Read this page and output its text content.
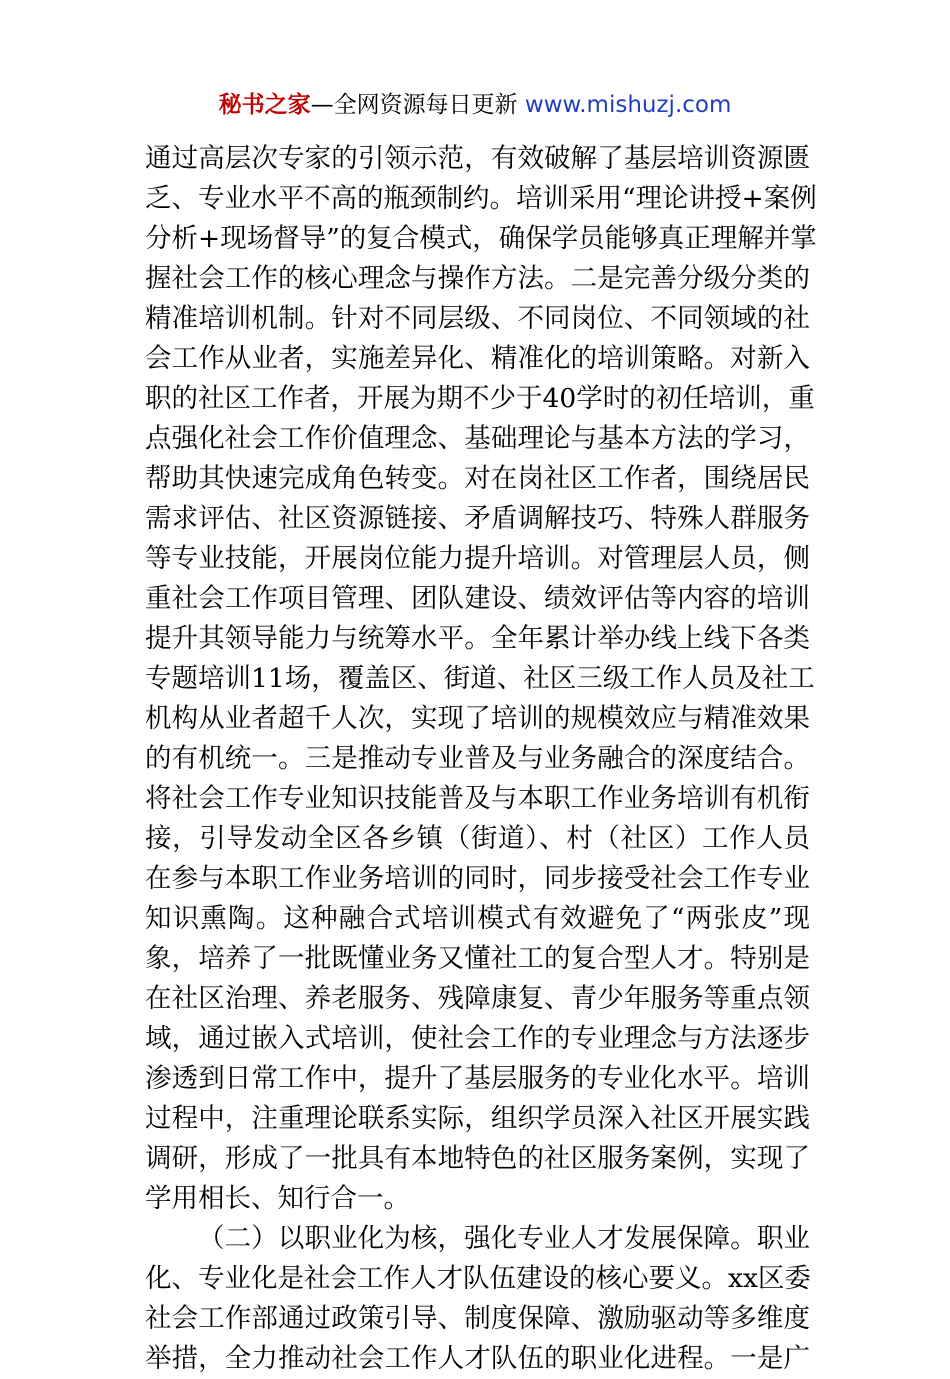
秘书之家—全网资源每日更新 www.mishuzj.com

通过高层次专家的引领示范，有效破解了基层培训资源匮
乏、专业水平不高的瓶颈制约。培训采用“理论讲授+案例
分析+现场督导”的复合模式，确保学员能够真正理解并掌
握社会工作的核心理念与操作方法。二是完善分级分类的
精准培训机制。针对不同层级、不同岗位、不同领域的社
会工作从业者，实施差异化、精准化的培训策略。对新入
职的社区工作者，开展为期不少于40学时的初任培训，重
点强化社会工作价值理念、基础理论与基本方法的学习，
帮助其快速完成角色转变。对在岗社区工作者，围绕居民
需求评估、社区资源链接、矛盾调解技巧、特殊人群服务
等专业技能，开展岗位能力提升培训。对管理层人员，侧
重社会工作项目管理、团队建设、绩效评估等内容的培训
提升其领导能力与统筹水平。全年累计举办线上线下各类
专题培训11场，覆盖区、街道、社区三级工作人员及社工
机构从业者超千人次，实现了培训的规模效应与精准效果
的有机统一。三是推动专业普及与业务融合的深度结合。
将社会工作专业知识技能普及与本职工作业务培训有机衔
接，引导发动全区各乡镇（街道）、村（社区）工作人员
在参与本职工作业务培训的同时，同步接受社会工作专业
知识熏陶。这种融合式培训模式有效避免了“两张皮”现
象，培养了一批既懂业务又懂社工的复合型人才。特别是
在社区治理、养老服务、残障康复、青少年服务等重点领
域，通过嵌入式培训，使社会工作的专业理念与方法逐步
渗透到日常工作中，提升了基层服务的专业化水平。培训
过程中，注重理论联系实际，组织学员深入社区开展实践
调研，形成了一批具有本地特色的社区服务案例，实现了
学用相长、知行合一。

（二）以职业化为核，强化专业人才发展保障。职业
化、专业化是社会工作人才队伍建设的核心要义。xx区委
社会工作部通过政策引导、制度保障、激励驱动等多维度
举措，全力推动社会工作人才队伍的职业化进程。一是广
